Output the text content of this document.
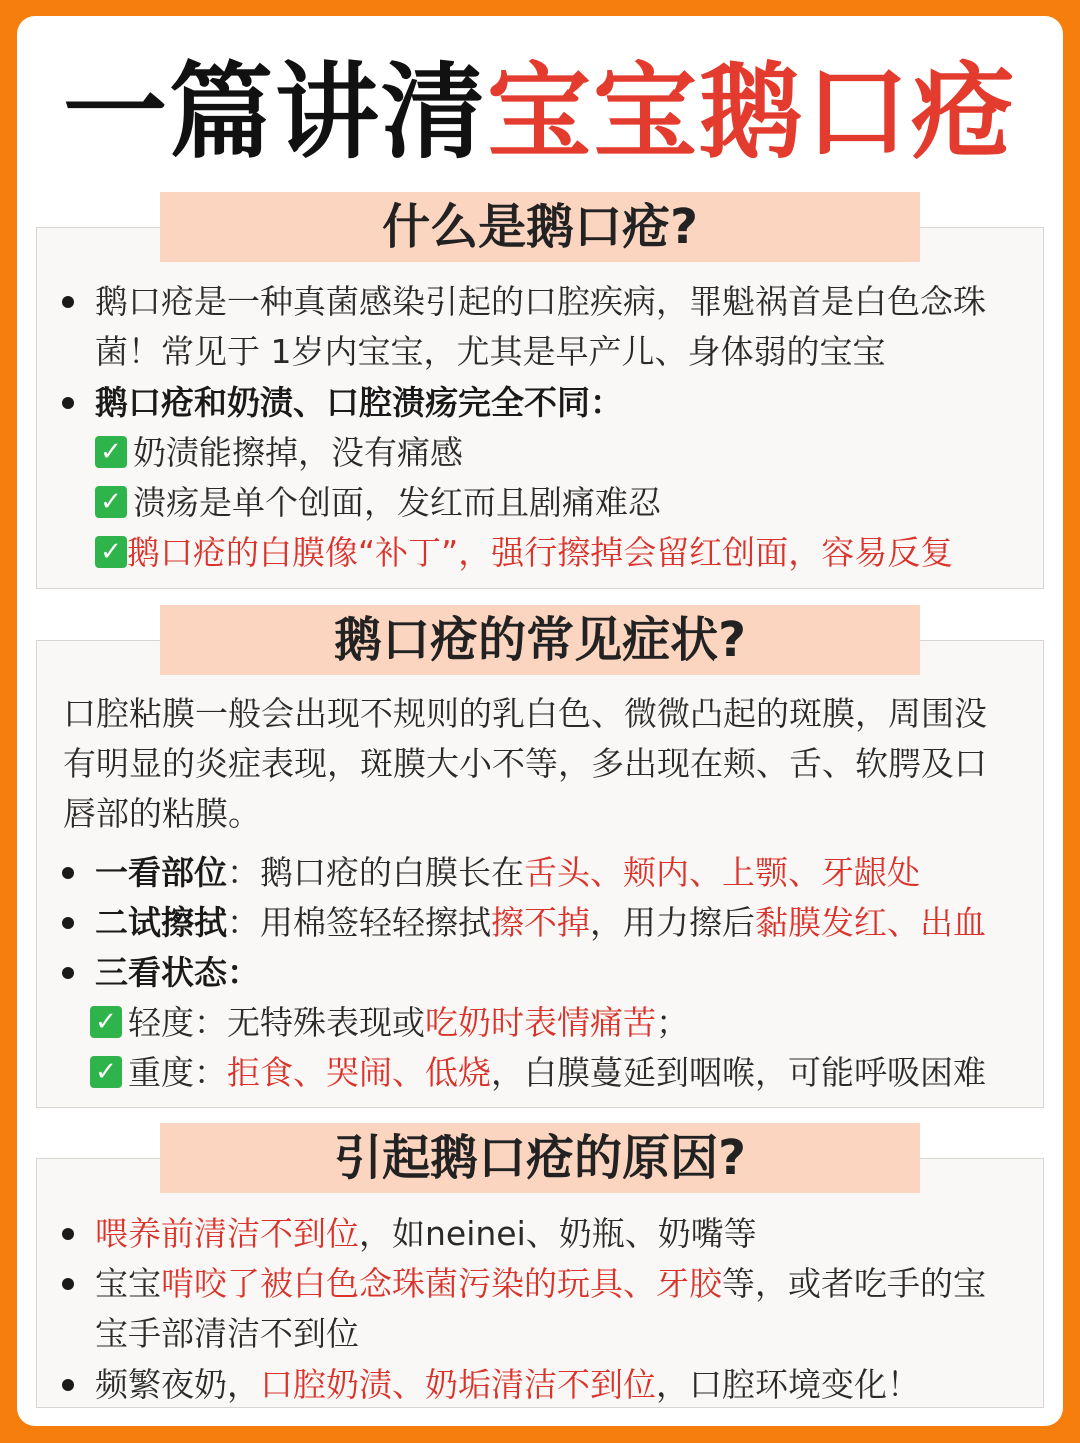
一篇讲清宝宝鹅口疮
什么是鹅口疮?
鹅口疮是一种真菌感染引起的口腔疾病，罪魁祸首是白色念珠
菌！常见于 1岁内宝宝，尤其是早产儿、身体弱的宝宝
鹅口疮和奶渍、口腔溃疡完全不同：
✓ 奶渍能擦掉，没有痛感
✓ 溃疡是单个创面，发红而且剧痛难忍
✓ 鹅口疮的白膜像“补丁”，强行擦掉会留红创面，容易反复
鹅口疮的常见症状?
口腔粘膜一般会出现不规则的乳白色、微微凸起的斑膜，周围没
有明显的炎症表现，斑膜大小不等，多出现在颊、舌、软腭及口
唇部的粘膜。
一看部位：鹅口疮的白膜长在舌头、颊内、上颚、牙龈处
二试擦拭：用棉签轻轻擦拭擦不掉，用力擦后黏膜发红、出血
三看状态：
✓ 轻度：无特殊表现或吃奶时表情痛苦；
✓ 重度：拒食、哭闹、低烧，白膜蔓延到咽喉，可能呼吸困难
引起鹅口疮的原因?
喂养前清洁不到位，如neinei、奶瓶、奶嘴等
宝宝啃咬了被白色念珠菌污染的玩具、牙胶等，或者吃手的宝
宝手部清洁不到位
频繁夜奶，口腔奶渍、奶垢清洁不到位，口腔环境变化！
